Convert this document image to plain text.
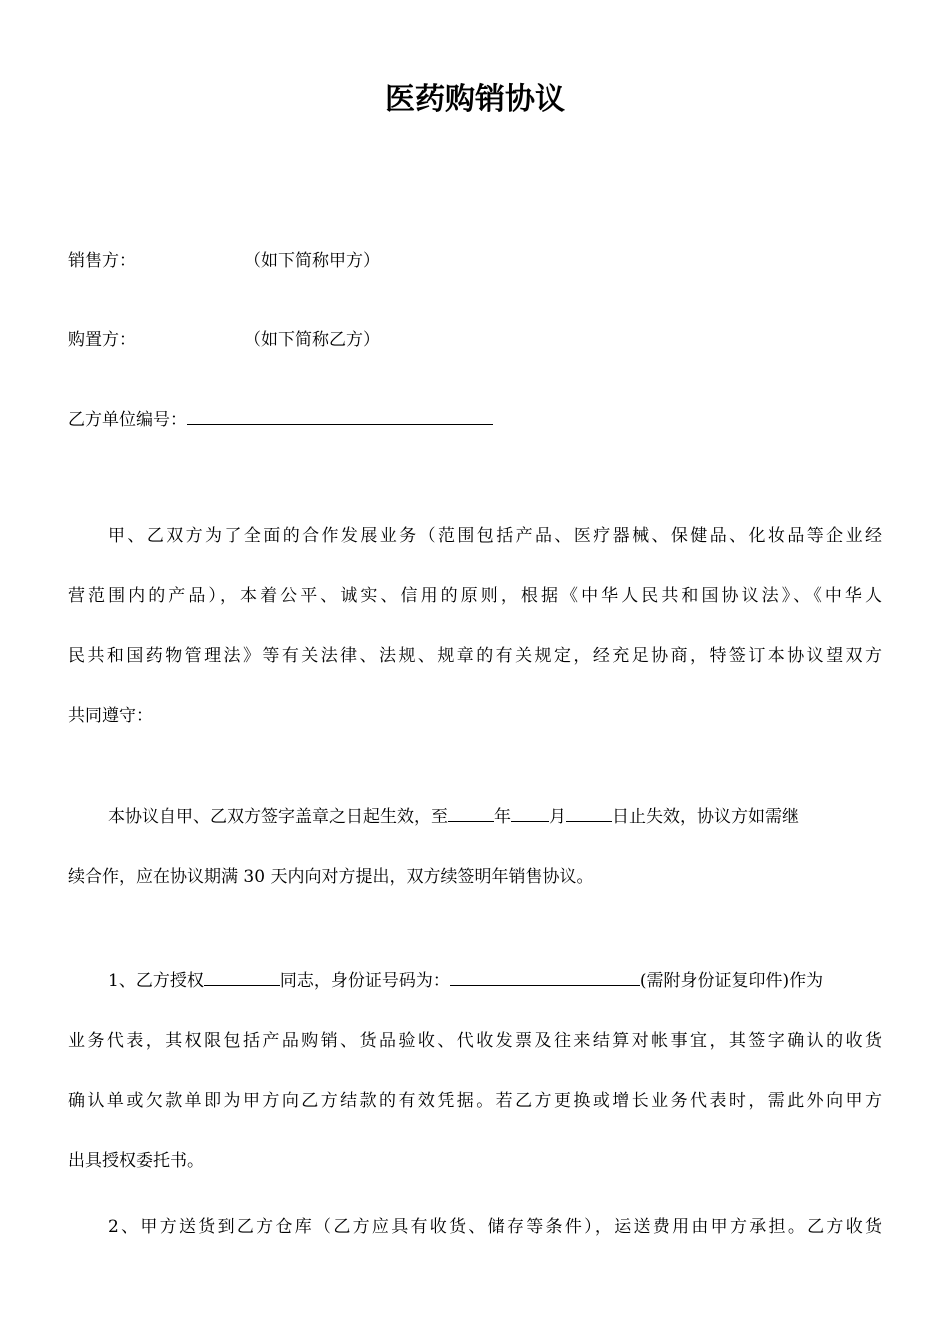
医药购销协议
销售方：	（如下简称甲方）
购置方：	（如下简称乙方）
乙方单位编号：
甲、乙双方为了全面的合作发展业务（范围包括产品、医疗器械、保健品、化妆品等企业经
营范围内的产品），本着公平、诚实、信用的原则，根据《中华人民共和国协议法》、《中华人
民共和国药物管理法》等有关法律、法规、规章的有关规定，经充足协商，特签订本协议望双方
共同遵守：
本协议自甲、乙双方签字盖章之日起生效，至	年 月	日止失效，协议方如需继
续合作，应在协议期满 30 天内向对方提出，双方续签明年销售协议。
1、乙方授权	同志，身份证号码为：	(需附身份证复印件)作为
业务代表，其权限包括产品购销、货品验收、代收发票及往来结算对帐事宜，其签字确认的收货
确认单或欠款单即为甲方向乙方结款的有效凭据。若乙方更换或增长业务代表时，需此外向甲方
出具授权委托书。
2、甲方送货到乙方仓库（乙方应具有收货、储存等条件），运送费用由甲方承担。乙方收货
